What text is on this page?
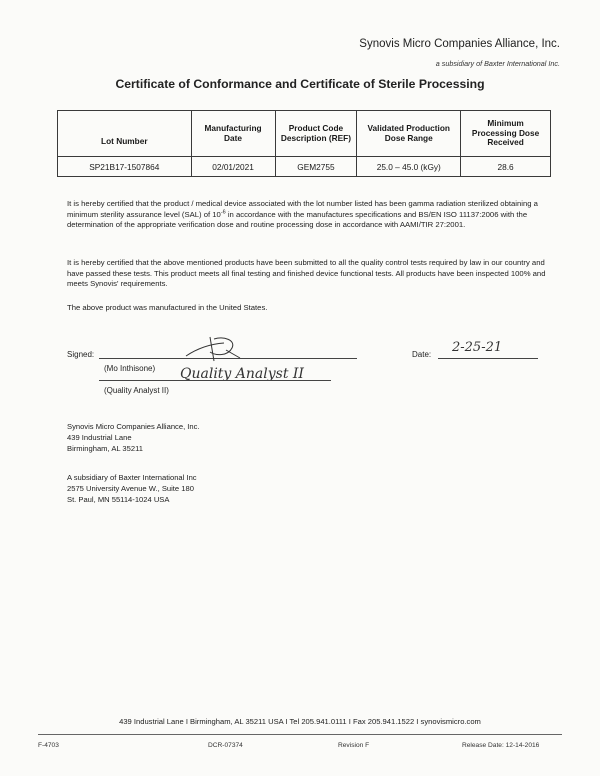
Synovis Micro Companies Alliance, Inc.
a subsidiary of Baxter International Inc.
Certificate of Conformance and Certificate of Sterile Processing
Lot Number	Manufacturing Date	Product Code Description (REF)	Validated Production Dose Range	Minimum Processing Dose Received
SP21B17-1507864	02/01/2021	GEM2755	25.0 – 45.0 (kGy)	28.6
It is hereby certified that the product / medical device associated with the lot number listed has been gamma radiation sterilized obtaining a minimum sterility assurance level (SAL) of $10^{-6}$ in accordance with the manufactures specifications and BS/EN ISO 11137:2006 with the determination of the appropriate verification dose and routine processing dose in accordance with AAMI/TIR 27:2001.
It is hereby certified that the above mentioned products have been submitted to all the quality control tests required by law in our country and have passed these tests. This product meets all final testing and finished device functional tests. All products have been inspected 100% and meets Synovis' requirements.
The above product was manufactured in the United States.
Signed:
(Mo Inthisone) Quality Analyst II
(Quality Analyst II)
Date: 2-25-21
Synovis Micro Companies Alliance, Inc.
439 Industrial Lane
Birmingham, AL 35211
A subsidiary of Baxter International Inc
2575 University Avenue W., Suite 180
St. Paul, MN 55114-1024 USA
439 Industrial Lane I Birmingham, AL 35211 USA I Tel 205.941.0111 I Fax 205.941.1522 I synovismicro.com
F-4703	DCR-07374	Revision F	Release Date: 12-14-2016
